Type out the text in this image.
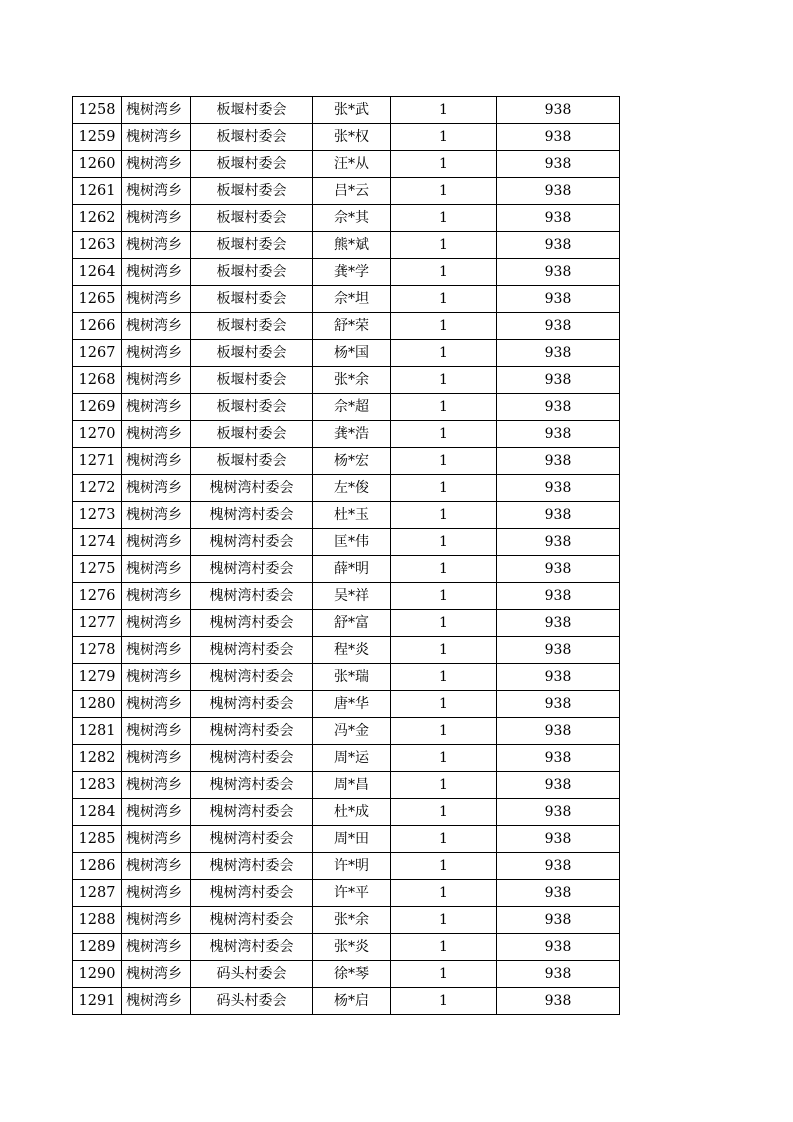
1258	槐树湾乡	板堰村委会	张*武	1	938
1259	槐树湾乡	板堰村委会	张*权	1	938
1260	槐树湾乡	板堰村委会	汪*从	1	938
1261	槐树湾乡	板堰村委会	吕*云	1	938
1262	槐树湾乡	板堰村委会	佘*其	1	938
1263	槐树湾乡	板堰村委会	熊*斌	1	938
1264	槐树湾乡	板堰村委会	龚*学	1	938
1265	槐树湾乡	板堰村委会	佘*坦	1	938
1266	槐树湾乡	板堰村委会	舒*荣	1	938
1267	槐树湾乡	板堰村委会	杨*国	1	938
1268	槐树湾乡	板堰村委会	张*余	1	938
1269	槐树湾乡	板堰村委会	佘*超	1	938
1270	槐树湾乡	板堰村委会	龚*浩	1	938
1271	槐树湾乡	板堰村委会	杨*宏	1	938
1272	槐树湾乡	槐树湾村委会	左*俊	1	938
1273	槐树湾乡	槐树湾村委会	杜*玉	1	938
1274	槐树湾乡	槐树湾村委会	匡*伟	1	938
1275	槐树湾乡	槐树湾村委会	薛*明	1	938
1276	槐树湾乡	槐树湾村委会	吴*祥	1	938
1277	槐树湾乡	槐树湾村委会	舒*富	1	938
1278	槐树湾乡	槐树湾村委会	程*炎	1	938
1279	槐树湾乡	槐树湾村委会	张*瑞	1	938
1280	槐树湾乡	槐树湾村委会	唐*华	1	938
1281	槐树湾乡	槐树湾村委会	冯*金	1	938
1282	槐树湾乡	槐树湾村委会	周*运	1	938
1283	槐树湾乡	槐树湾村委会	周*昌	1	938
1284	槐树湾乡	槐树湾村委会	杜*成	1	938
1285	槐树湾乡	槐树湾村委会	周*田	1	938
1286	槐树湾乡	槐树湾村委会	许*明	1	938
1287	槐树湾乡	槐树湾村委会	许*平	1	938
1288	槐树湾乡	槐树湾村委会	张*余	1	938
1289	槐树湾乡	槐树湾村委会	张*炎	1	938
1290	槐树湾乡	码头村委会	徐*琴	1	938
1291	槐树湾乡	码头村委会	杨*启	1	938
